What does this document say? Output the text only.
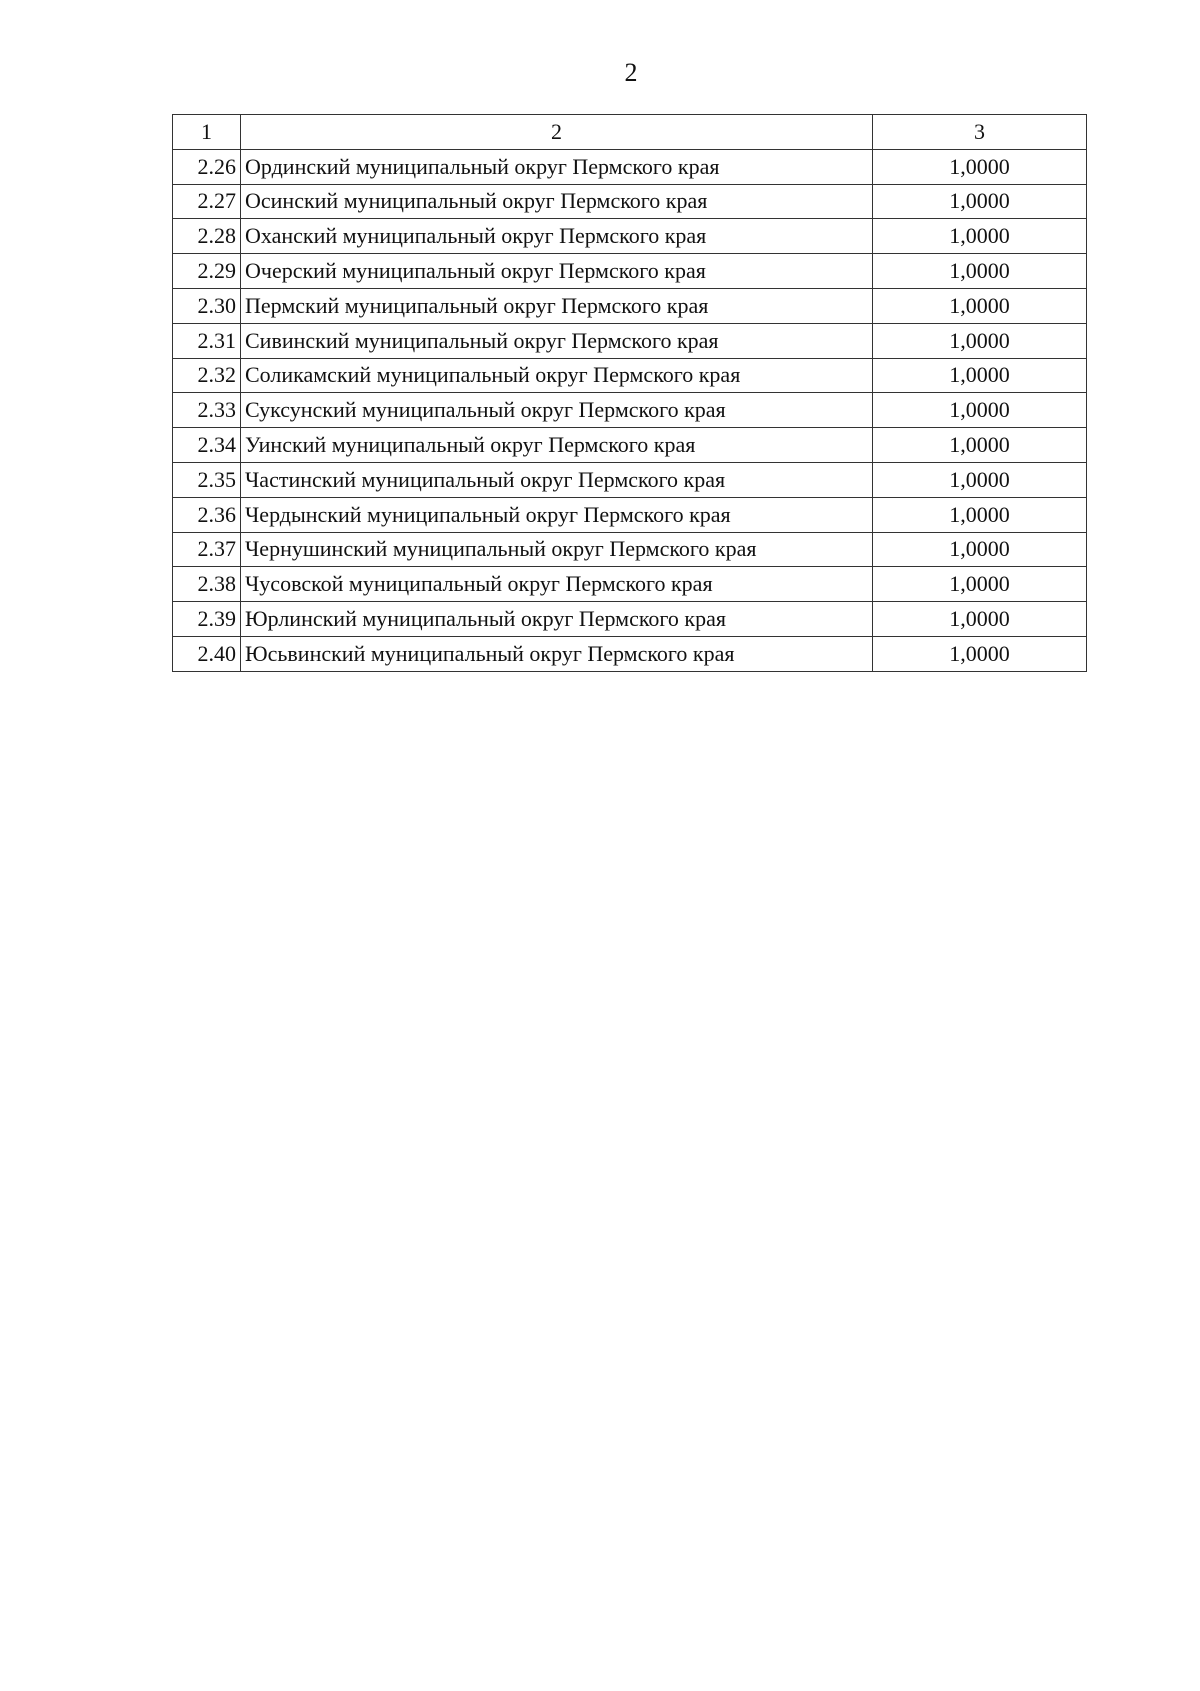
2
1	2	3
2.26	Ординский муниципальный округ Пермского края	1,0000
2.27	Осинский муниципальный округ Пермского края	1,0000
2.28	Оханский муниципальный округ Пермского края	1,0000
2.29	Очерский муниципальный округ Пермского края	1,0000
2.30	Пермский муниципальный округ Пермского края	1,0000
2.31	Сивинский муниципальный округ Пермского края	1,0000
2.32	Соликамский муниципальный округ Пермского края	1,0000
2.33	Суксунский муниципальный округ Пермского края	1,0000
2.34	Уинский муниципальный округ Пермского края	1,0000
2.35	Частинский муниципальный округ Пермского края	1,0000
2.36	Чердынский муниципальный округ Пермского края	1,0000
2.37	Чернушинский муниципальный округ Пермского края	1,0000
2.38	Чусовской муниципальный округ Пермского края	1,0000
2.39	Юрлинский муниципальный округ Пермского края	1,0000
2.40	Юсьвинский муниципальный округ Пермского края	1,0000
